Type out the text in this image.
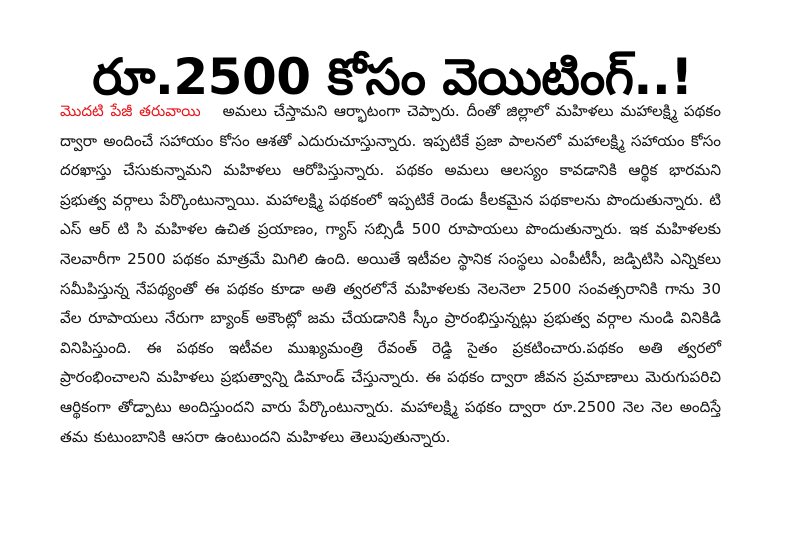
రూ.2500 కోసం వెయిటింగ్..!
మొదటి పేజీ తరువాయి అమలు చేస్తామని ఆర్భాటంగా చెప్పారు. దీంతో జిల్లాలో మహిళలు మహాలక్ష్మి పథకం ద్వారా అందించే సహాయం కోసం ఆశతో ఎదురుచూస్తున్నారు. ఇప్పటికే ప్రజా పాలనలో మహాలక్ష్మి సహాయం కోసం దరఖాస్తు చేసుకున్నామని మహిళలు ఆరోపిస్తున్నారు. పథకం అమలు ఆలస్యం కావడానికి ఆర్థిక భారమని ప్రభుత్వ వర్గాలు పేర్కొంటున్నాయి. మహాలక్ష్మి పథకంలో ఇప్పటికే రెండు కీలకమైన పథకాలను పొందుతున్నారు. టి ఎస్ ఆర్ టి సి మహిళల ఉచిత ప్రయాణం, గ్యాస్ సబ్సిడీ 500 రూపాయలు పొందుతున్నారు. ఇక మహిళలకు నెలవారీగా 2500 పథకం మాత్రమే మిగిలి ఉంది. అయితే ఇటీవల స్థానిక సంస్థలు ఎంపీటీసీ, జడ్పిటిసి ఎన్నికలు సమీపిస్తున్న నేపథ్యంతో ఈ పథకం కూడా అతి త్వరలోనే మహిళలకు నెలనెలా 2500 సంవత్సరానికి గాను 30 వేల రూపాయలు నేరుగా బ్యాంక్ అకౌంట్లో జమ చేయడానికి స్కీం ప్రారంభిస్తున్నట్లు ప్రభుత్వ వర్గాల నుండి వినికిడి వినిపిస్తుంది. ఈ పథకం ఇటీవల ముఖ్యమంత్రి రేవంత్ రెడ్డి సైతం ప్రకటించారు.పథకం అతి త్వరలో ప్రారంభించాలని మహిళలు ప్రభుత్వాన్ని డిమాండ్ చేస్తున్నారు. ఈ పథకం ద్వారా జీవన ప్రమాణాలు మెరుగుపరిచి ఆర్థికంగా తోడ్పాటు అందిస్తుందని వారు పేర్కొంటున్నారు. మహాలక్ష్మి పథకం ద్వారా రూ.2500 నెల నెల అందిస్తే తమ కుటుంబానికి ఆసరా ఉంటుందని మహిళలు తెలుపుతున్నారు.
